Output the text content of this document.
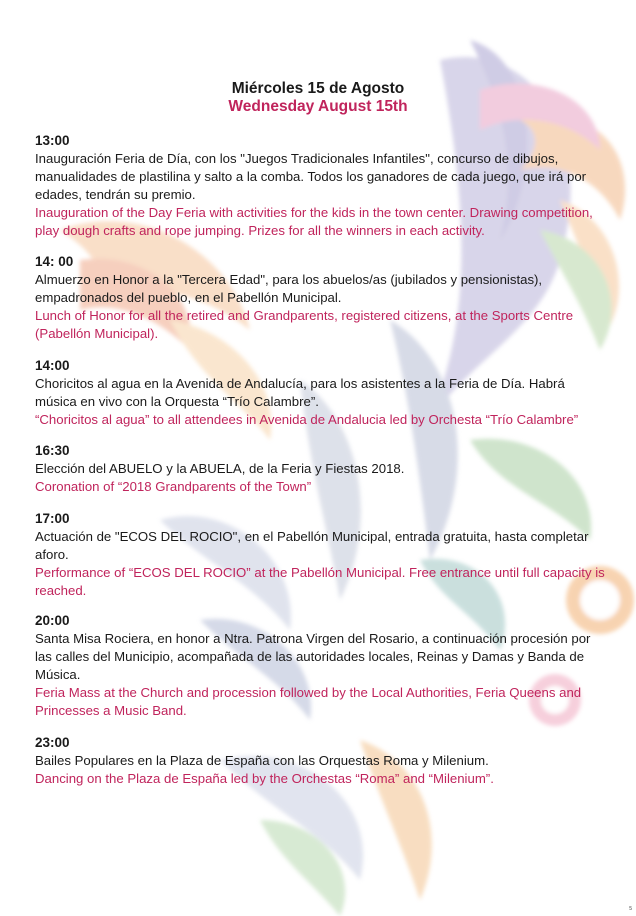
Miércoles 15 de Agosto
Wednesday August 15th
13:00
Inauguración Feria de Día, con los "Juegos Tradicionales Infantiles", concurso de dibujos, manualidades de plastilina y salto a la comba. Todos los ganadores de cada juego, que irá por edades, tendrán su premio.
Inauguration of the Day Feria with activities for the kids in the town center. Drawing competition, play dough crafts and rope jumping. Prizes for all the winners in each activity.
14: 00
Almuerzo en Honor a la "Tercera Edad", para los abuelos/as (jubilados y pensionistas), empadronados del pueblo, en el Pabellón Municipal.
Lunch of Honor for all the retired and Grandparents, registered citizens, at the Sports Centre (Pabellón Municipal).
14:00
Choricitos al agua en la Avenida de Andalucía, para los asistentes a la Feria de Día. Habrá música en vivo con la Orquesta “Trío Calambre”.
“Choricitos al agua” to all attendees in Avenida de Andalucia led by Orchesta “Trío Calambre”
16:30
Elección del ABUELO y la ABUELA, de la Feria y Fiestas 2018.
Coronation of “2018 Grandparents of the Town”
17:00
Actuación de "ECOS DEL ROCIO", en el Pabellón Municipal, entrada gratuita, hasta completar aforo.
Performance of “ECOS DEL ROCIO” at the Pabellón Municipal. Free entrance until full capacity is reached.
20:00
Santa Misa Rociera, en honor a Ntra. Patrona Virgen del Rosario, a continuación procesión por las calles del Municipio, acompañada de las autoridades locales, Reinas y Damas y Banda de Música.
Feria Mass at the Church and procession followed by the Local Authorities, Feria Queens and Princesses a Music Band.
23:00
Bailes Populares en la Plaza de España con las Orquestas Roma y Milenium.
Dancing on the Plaza de España led by the Orchestas “Roma” and “Milenium”.
5
